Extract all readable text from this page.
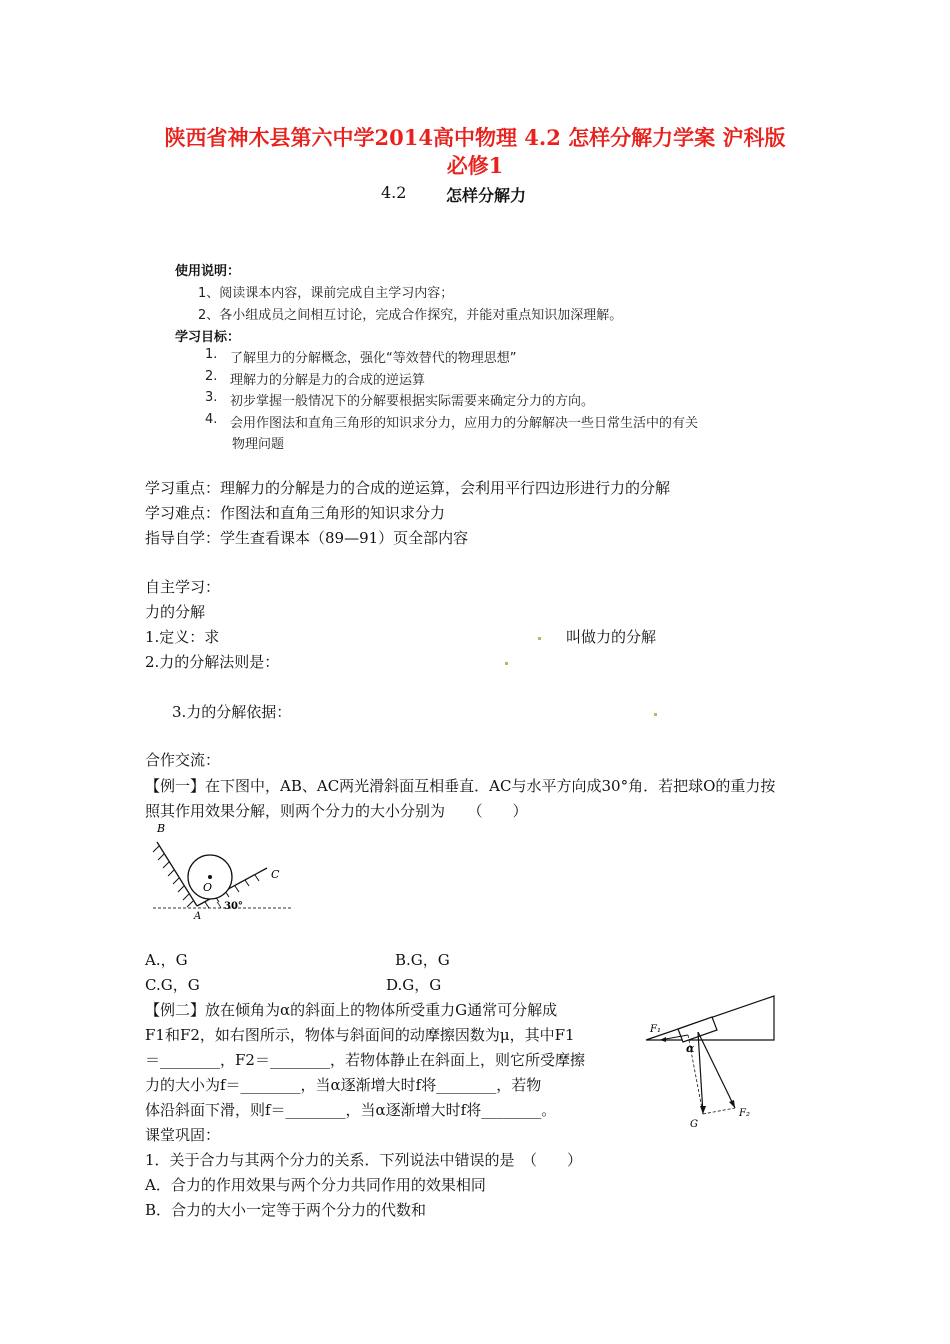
陕西省神木县第六中学2014高中物理 4.2 怎样分解力学案 沪科版
必修1
4.2 怎样分解力
使用说明：
1、阅读课本内容，课前完成自主学习内容；
2、各小组成员之间相互讨论，完成合作探究，并能对重点知识加深理解。
学习目标：
1. 了解里力的分解概念，强化“等效替代的物理思想”
2. 理解力的分解是力的合成的逆运算
3. 初步掌握一般情况下的分解要根据实际需要来确定分力的方向。
4. 会用作图法和直角三角形的知识求分力，应用力的分解解决一些日常生活中的有关
物理问题
学习重点：理解力的分解是力的合成的逆运算，会利用平行四边形进行力的分解
学习难点：作图法和直角三角形的知识求分力
指导自学：学生查看课本（89—91）页全部内容
自主学习：
力的分解
1.定义：求	叫做力的分解
2.力的分解法则是：
3.力的分解依据：
合作交流：
【例一】在下图中，AB、AC两光滑斜面互相垂直．AC与水平方向成30°角．若把球O的重力按
照其作用效果分解，则两个分力的大小分别为　　（　　）
B
C
O
A
30°
A.，G	B.G，G
C.G，G	D.G，G
【例二】放在倾角为α的斜面上的物体所受重力G通常可分解成
F1和F2，如右图所示，物体与斜面间的动摩擦因数为μ，其中F1
＝________，F2＝________，若物体静止在斜面上，则它所受摩擦
力的大小为f＝________，当α逐渐增大时f将________，若物
体沿斜面下滑，则f＝________，当α逐渐增大时f将________。
F₁
α
G
F₂
课堂巩固：
1．关于合力与其两个分力的关系．下列说法中错误的是　（　　）
A．合力的作用效果与两个分力共同作用的效果相同
B．合力的大小一定等于两个分力的代数和
